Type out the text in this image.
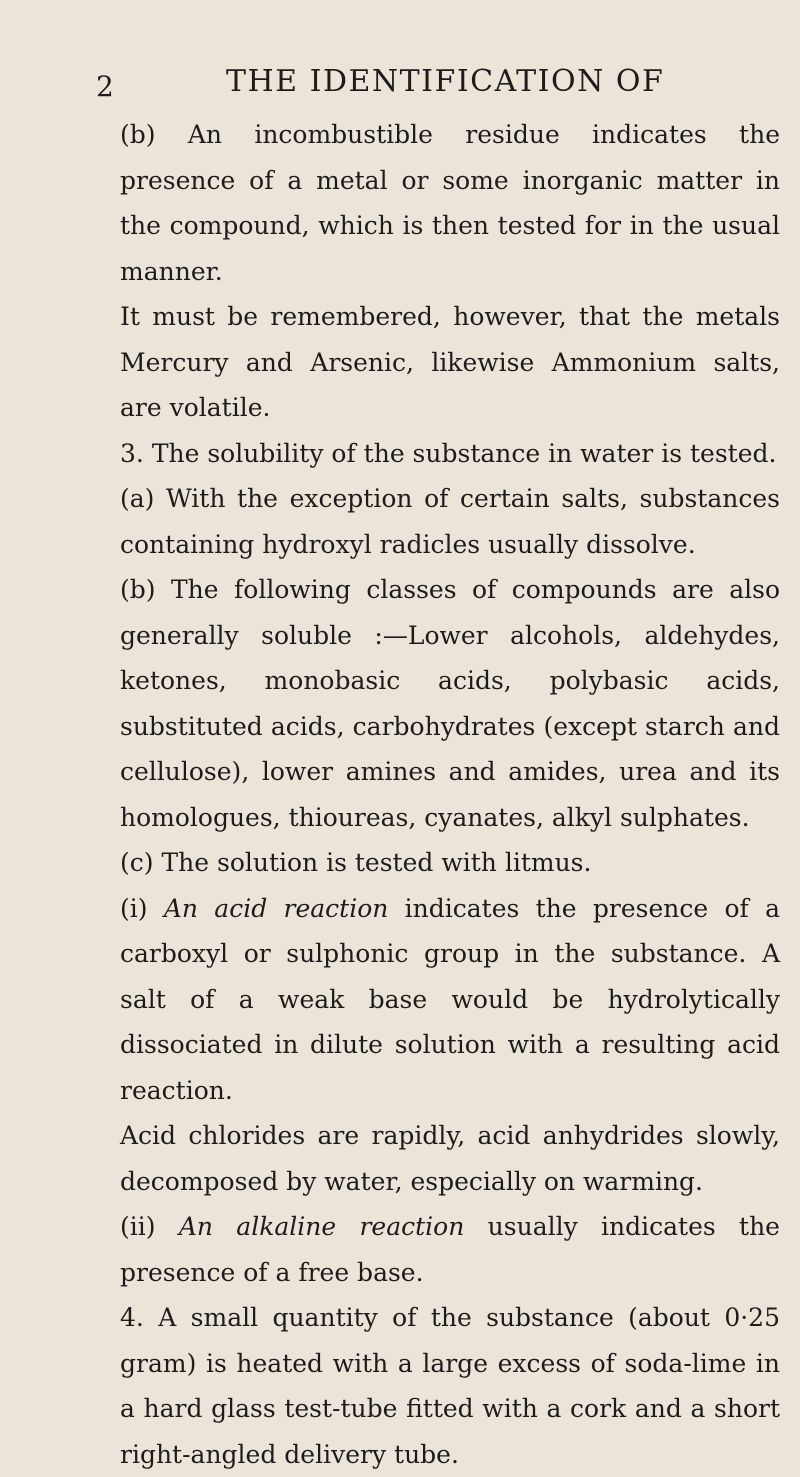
2	THE IDENTIFICATION OF

(b) An incombustible residue indicates the presence of a metal or some inorganic matter in the compound, which is then tested for in the usual manner.

It must be remembered, however, that the metals Mercury and Arsenic, likewise Ammonium salts, are volatile.

3. The solubility of the substance in water is tested.

(a) With the exception of certain salts, substances containing hydroxyl radicles usually dissolve.

(b) The following classes of compounds are also generally soluble :—Lower alcohols, aldehydes, ketones, monobasic acids, polybasic acids, substituted acids, carbohydrates (except starch and cellulose), lower amines and amides, urea and its homologues, thioureas, cyanates, alkyl sulphates.

(c) The solution is tested with litmus.

(i) An acid reaction indicates the presence of a carboxyl or sulphonic group in the substance. A salt of a weak base would be hydrolytically dissociated in dilute solution with a resulting acid reaction.

Acid chlorides are rapidly, acid anhydrides slowly, decomposed by water, especially on warming.

(ii) An alkaline reaction usually indicates the presence of a free base.

4. A small quantity of the substance (about 0·25 gram) is heated with a large excess of soda-lime in a hard glass test-tube fitted with a cork and a short right-angled delivery tube.
